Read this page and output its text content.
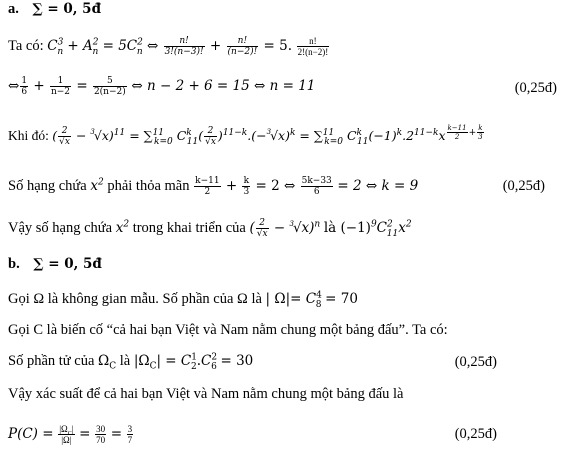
a. ∑ = 0, 5đ
Ta có: $C^3_n + A^2_n = 5C^2_n$ ⇔ $\frac{n!}{3!(n-3)!} + \frac{n!}{(n-2)!} = 5$. $\frac{n!}{2!(n-2)!}$
⇔ $\frac{1}{6} + \frac{1}{n-2} = \frac{5}{2(n-2)}$ ⇔ n − 2 + 6 = 15 ⇔ n = 11	(0,25đ)
Khi đó: ( $\frac{2}{√x} - ^3√x)^{11} = \sum^{11}_{k=0}$ $C^k_{11}( \frac{2}{√x} )^{11-k}.(-^3√x)^k = \sum^{11}_{k=0}$ $C^k_{11}(-1)^k.2^{11-k}x$ $^{\frac{k-11}{2} + \frac{k}{3}}$
Số hạng chứa $x^2$ phải thỏa mãn $\frac{k-11}{2} + \frac{k}{3} = 2$ ⇔ $\frac{5k-33}{6} = 2$ ⇔ k = 9	(0,25đ)
Vậy số hạng chứa $x^2$ trong khai triển của ( $\frac{2}{√x} - ^3√x)^n$ là $(-1)^9C^2_{11}x^2$
b. ∑ = 0, 5đ
Gọi Ω là không gian mẫu. Số phần của Ω là | $\Omega|= C^4_8 = 70$
Gọi C là biến cố “cả hai bạn Việt và Nam nằm chung một bảng đấu”. Ta có:
Số phần tử của $\Omega_C$ là $|\Omega_C| = C^1_2.C^2_6 = 30$	(0,25đ)
Vậy xác suất để cả hai bạn Việt và Nam nằm chung một bảng đấu là
$P(C) = \frac{|\Omega_C|}{|\Omega|} = \frac{30}{70} = \frac{3}{7}$	(0,25đ)
